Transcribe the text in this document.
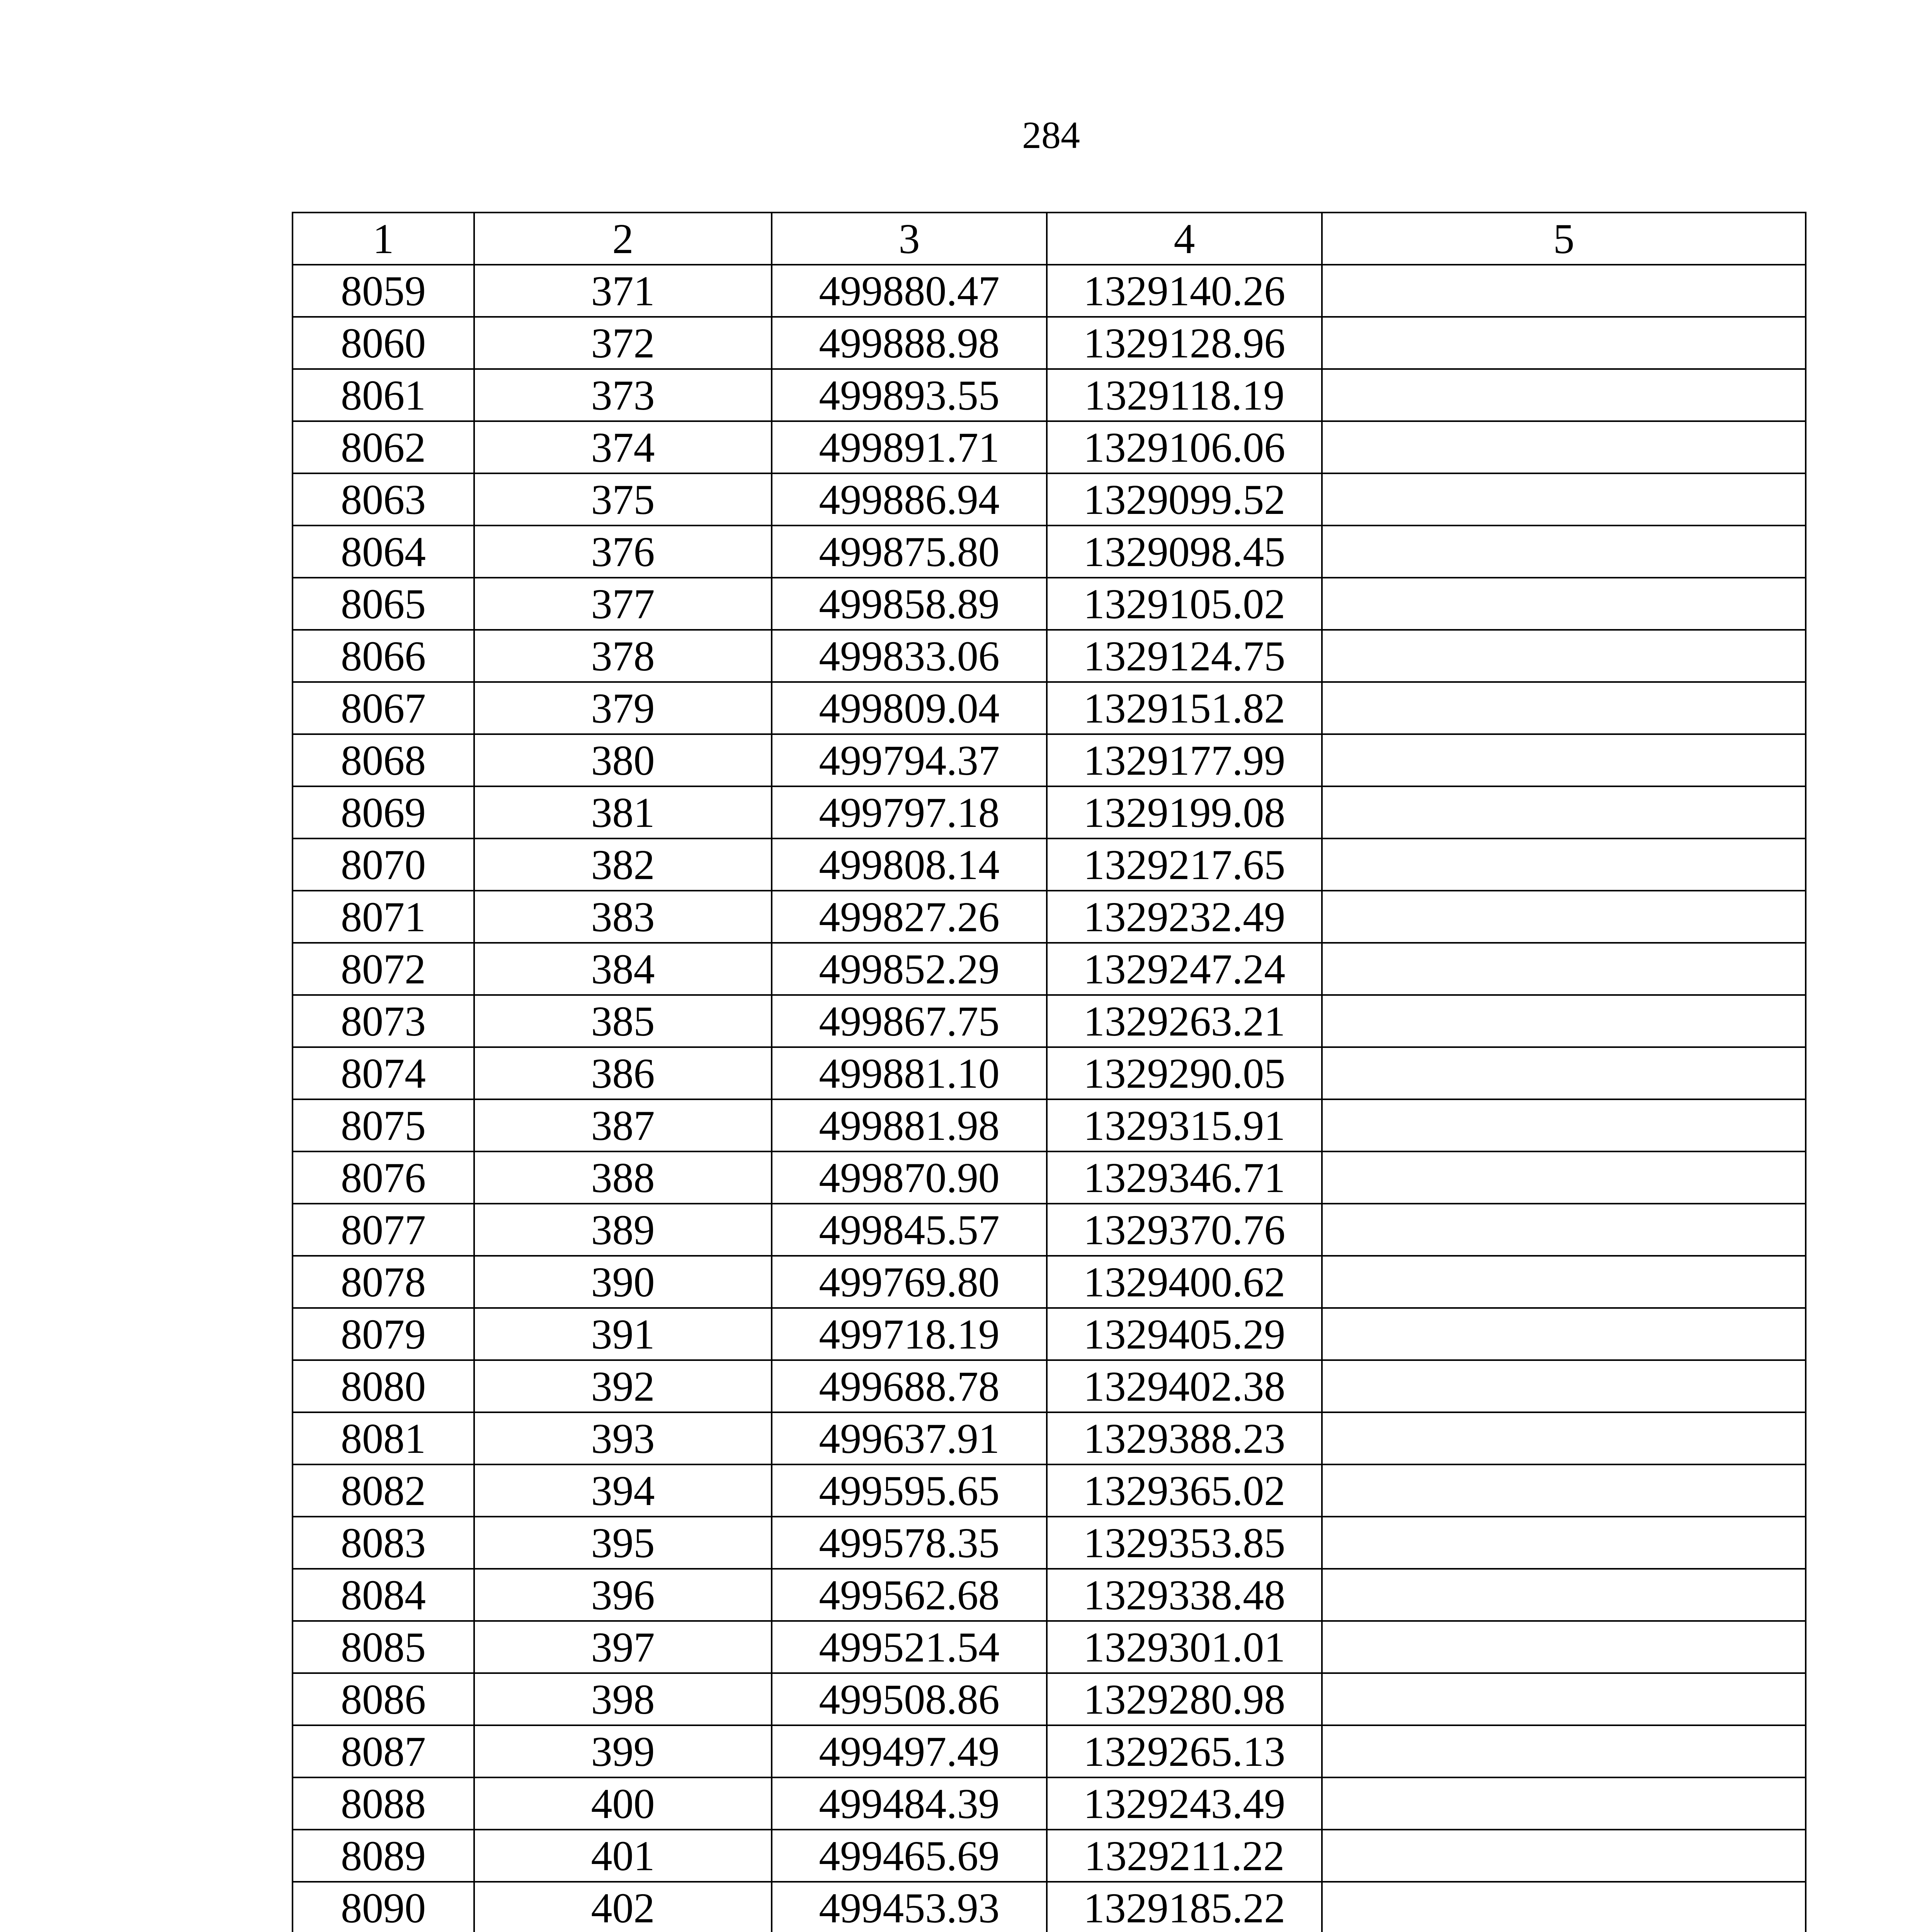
284
1	2	3	4	5
8059	371	499880.47	1329140.26	
8060	372	499888.98	1329128.96	
8061	373	499893.55	1329118.19	
8062	374	499891.71	1329106.06	
8063	375	499886.94	1329099.52	
8064	376	499875.80	1329098.45	
8065	377	499858.89	1329105.02	
8066	378	499833.06	1329124.75	
8067	379	499809.04	1329151.82	
8068	380	499794.37	1329177.99	
8069	381	499797.18	1329199.08	
8070	382	499808.14	1329217.65	
8071	383	499827.26	1329232.49	
8072	384	499852.29	1329247.24	
8073	385	499867.75	1329263.21	
8074	386	499881.10	1329290.05	
8075	387	499881.98	1329315.91	
8076	388	499870.90	1329346.71	
8077	389	499845.57	1329370.76	
8078	390	499769.80	1329400.62	
8079	391	499718.19	1329405.29	
8080	392	499688.78	1329402.38	
8081	393	499637.91	1329388.23	
8082	394	499595.65	1329365.02	
8083	395	499578.35	1329353.85	
8084	396	499562.68	1329338.48	
8085	397	499521.54	1329301.01	
8086	398	499508.86	1329280.98	
8087	399	499497.49	1329265.13	
8088	400	499484.39	1329243.49	
8089	401	499465.69	1329211.22	
8090	402	499453.93	1329185.22	
